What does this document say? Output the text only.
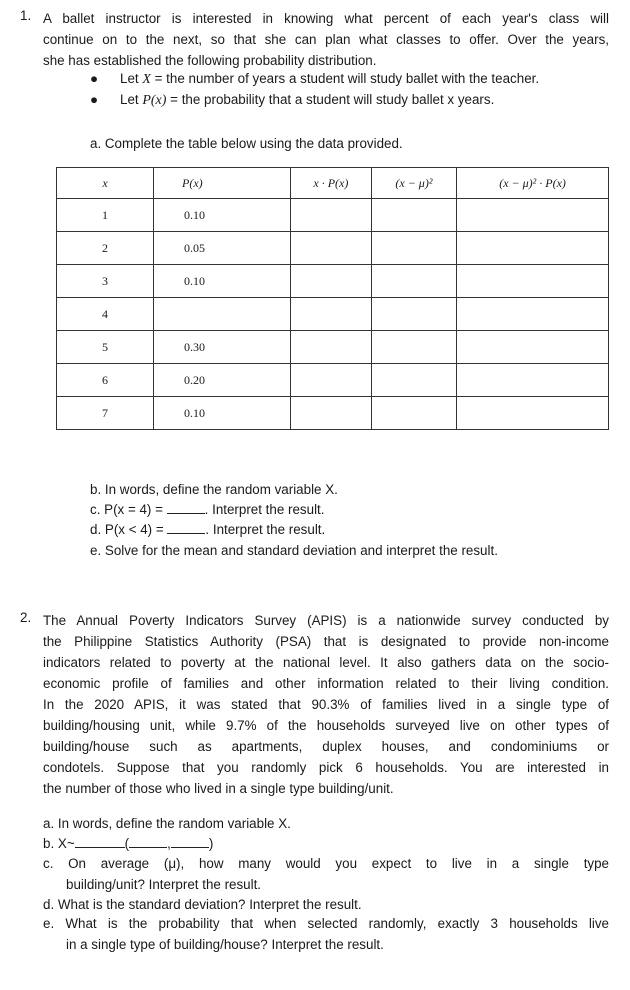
1. A ballet instructor is interested in knowing what percent of each year's class will
continue on to the next, so that she can plan what classes to offer. Over the years,
she has established the following probability distribution.
● Let X = the number of years a student will study ballet with the teacher.
● Let P(x) = the probability that a student will study ballet x years.
a. Complete the table below using the data provided.
x	P(x)	x · P(x)	(x − μ)²	(x − μ)² · P(x)
1	0.10			
2	0.05			
3	0.10			
4				
5	0.30			
6	0.20			
7	0.10			
b. In words, define the random variable X.
c. P(x = 4) =	. Interpret the result.
d. P(x < 4) =	. Interpret the result.
e. Solve for the mean and standard deviation and interpret the result.
2. The Annual Poverty Indicators Survey (APIS) is a nationwide survey conducted by
the Philippine Statistics Authority (PSA) that is designated to provide non-income
indicators related to poverty at the national level. It also gathers data on the socio-
economic profile of families and other information related to their living condition.
In the 2020 APIS, it was stated that 90.3% of families lived in a single type of
building/housing unit, while 9.7% of the households surveyed live on other types of
building/house such as apartments, duplex houses, and condominiums or
condotels. Suppose that you randomly pick 6 households. You are interested in
the number of those who lived in a single type building/unit.
a. In words, define the random variable X.
b. X~	(	,	)
c. On average (μ), how many would you expect to live in a single type
building/unit? Interpret the result.
d. What is the standard deviation? Interpret the result.
e. What is the probability that when selected randomly, exactly 3 households live
in a single type of building/house? Interpret the result.
